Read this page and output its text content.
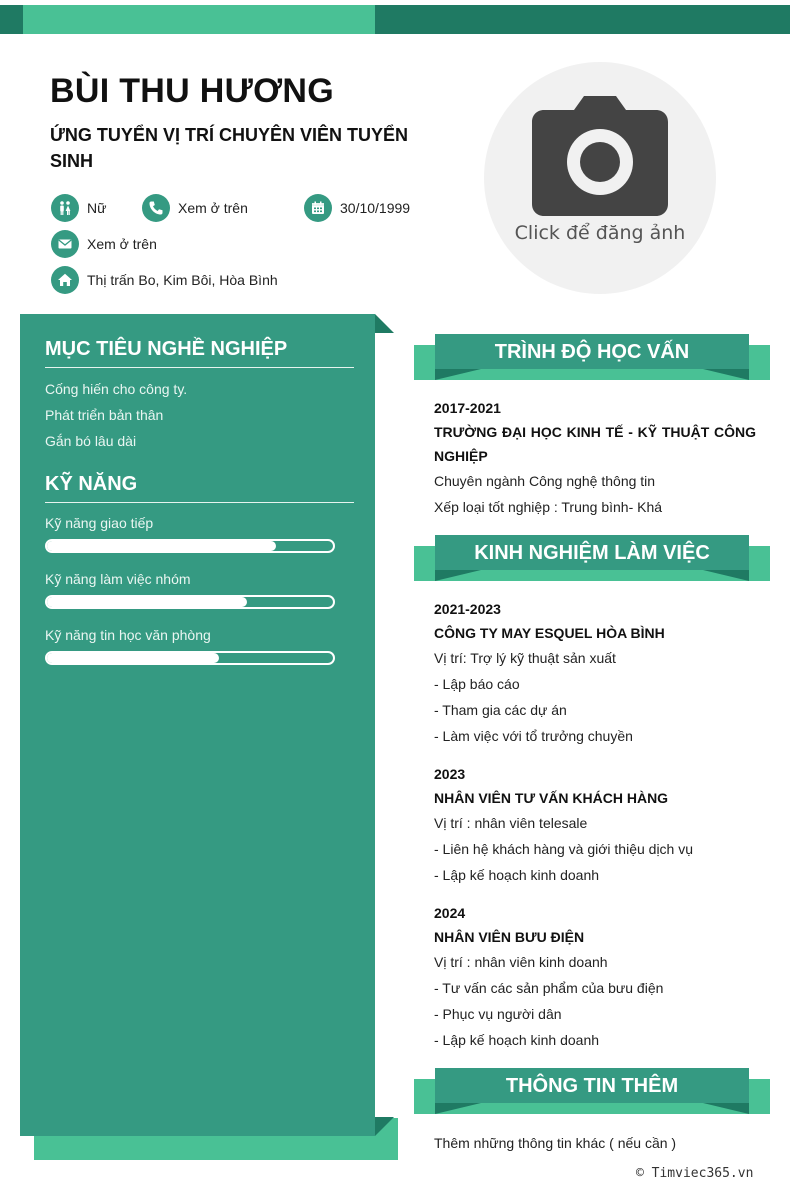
BÙI THU HƯƠNG
ỨNG TUYỂN VỊ TRÍ CHUYÊN VIÊN TUYỂN SINH
Nữ	Xem ở trên	30/10/1999
Xem ở trên
Thị trấn Bo, Kim Bôi, Hòa Bình
Click để đăng ảnh
MỤC TIÊU NGHỀ NGHIỆP
Cống hiến cho công ty.
Phát triển bản thân
Gắn bó lâu dài
KỸ NĂNG
Kỹ năng giao tiếp
Kỹ năng làm việc nhóm
Kỹ năng tin học văn phòng
TRÌNH ĐỘ HỌC VẤN
2017-2021
TRƯỜNG ĐẠI HỌC KINH TẾ - KỸ THUẬT CÔNG NGHIỆP
Chuyên ngành Công nghệ thông tin
Xếp loại tốt nghiệp : Trung bình- Khá
KINH NGHIỆM LÀM VIỆC
2021-2023
CÔNG TY MAY ESQUEL HÒA BÌNH
Vị trí: Trợ lý kỹ thuật sản xuất
- Lập báo cáo
- Tham gia các dự án
- Làm việc với tổ trưởng chuyền
2023
NHÂN VIÊN TƯ VẤN KHÁCH HÀNG
Vị trí : nhân viên telesale
- Liên hệ khách hàng và giới thiệu dịch vụ
- Lập kế hoạch kinh doanh
2024
NHÂN VIÊN BƯU ĐIỆN
Vị trí : nhân viên kinh doanh
- Tư vấn các sản phẩm của bưu điện
- Phục vụ người dân
- Lập kế hoạch kinh doanh
THÔNG TIN THÊM
Thêm những thông tin khác ( nếu cần )
© Timviec365.vn
